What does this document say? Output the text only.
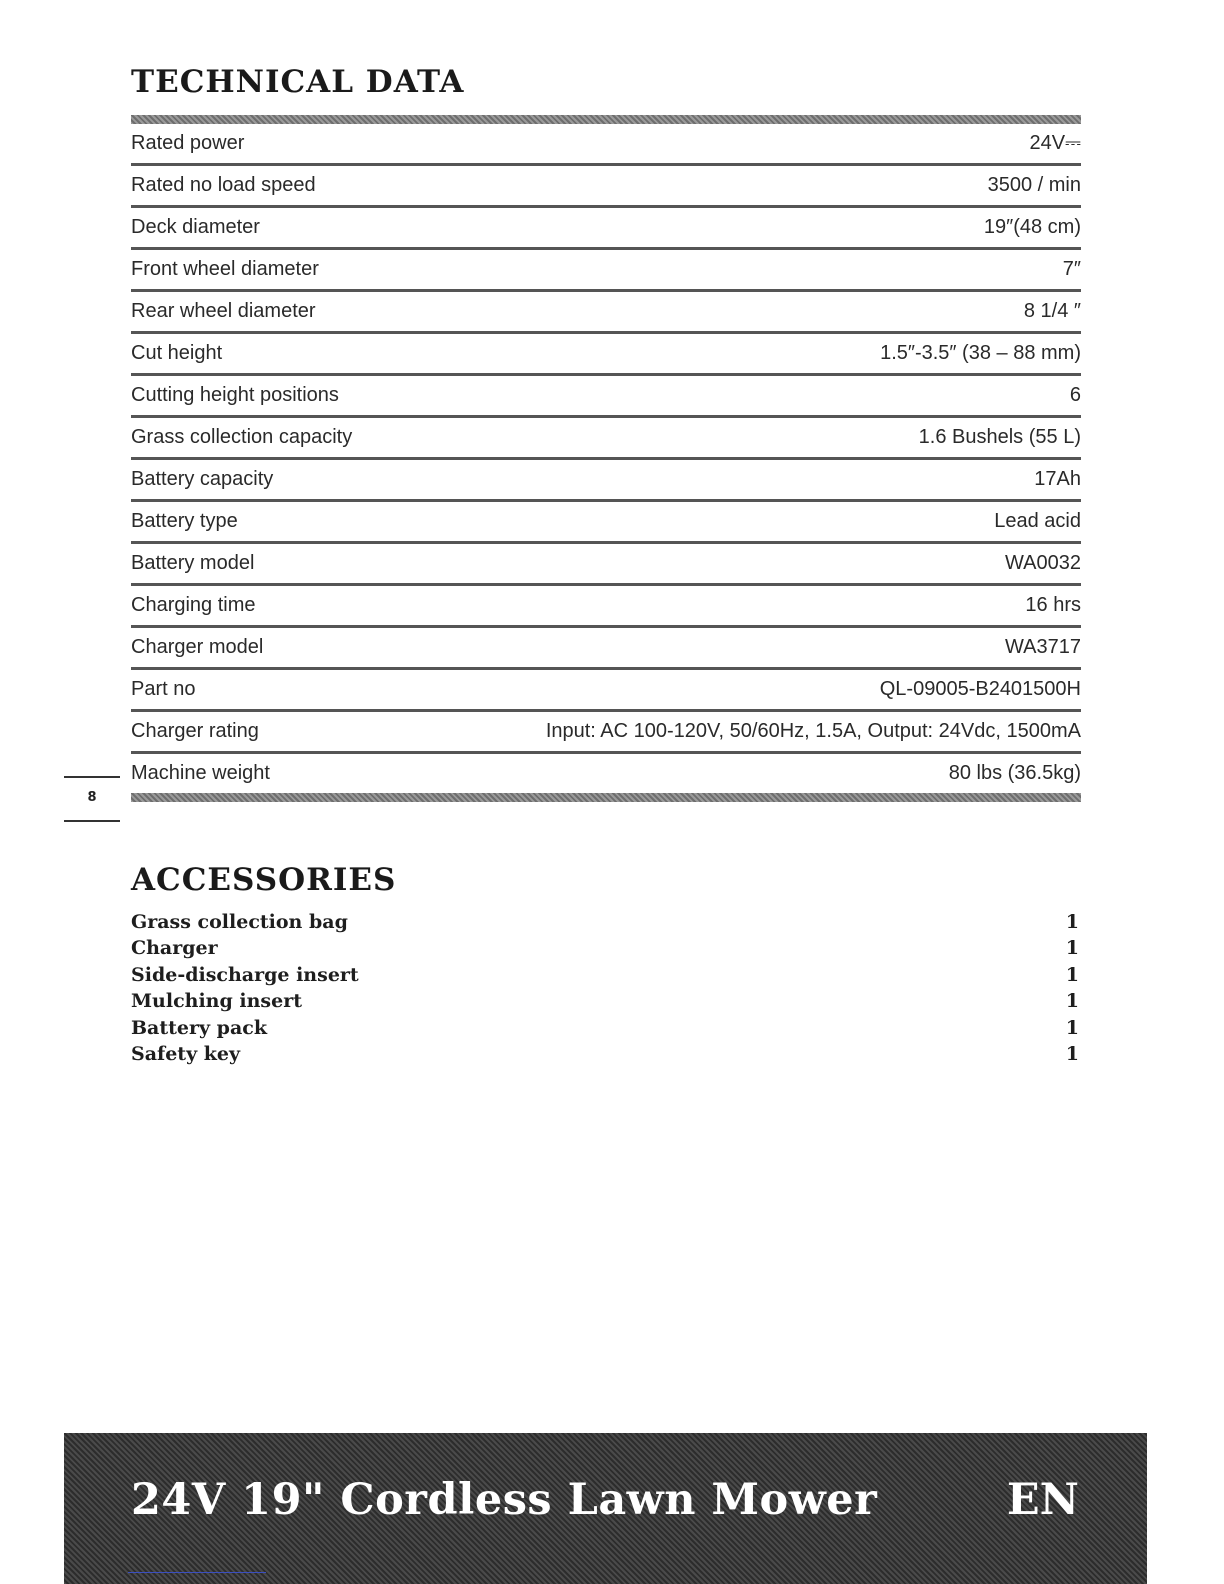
TECHNICAL DATA
Rated power	24V⎓
Rated no load speed	3500 / min
Deck diameter	19″(48 cm)
Front wheel diameter	7″
Rear wheel diameter	8 1/4 ″
Cut height	1.5″-3.5″ (38 – 88 mm)
Cutting height positions	6
Grass collection capacity	1.6 Bushels (55 L)
Battery capacity	17Ah
Battery type	Lead acid
Battery model	WA0032
Charging time	16 hrs
Charger model	WA3717
Part no	QL-09005-B2401500H
Charger rating	Input: AC 100-120V, 50/60Hz, 1.5A, Output: 24Vdc, 1500mA
Machine weight	80 lbs (36.5kg)
8
ACCESSORIES
Grass collection bag	1
Charger	1
Side-discharge insert	1
Mulching insert	1
Battery pack	1
Safety key	1
24V 19" Cordless Lawn Mower	EN
